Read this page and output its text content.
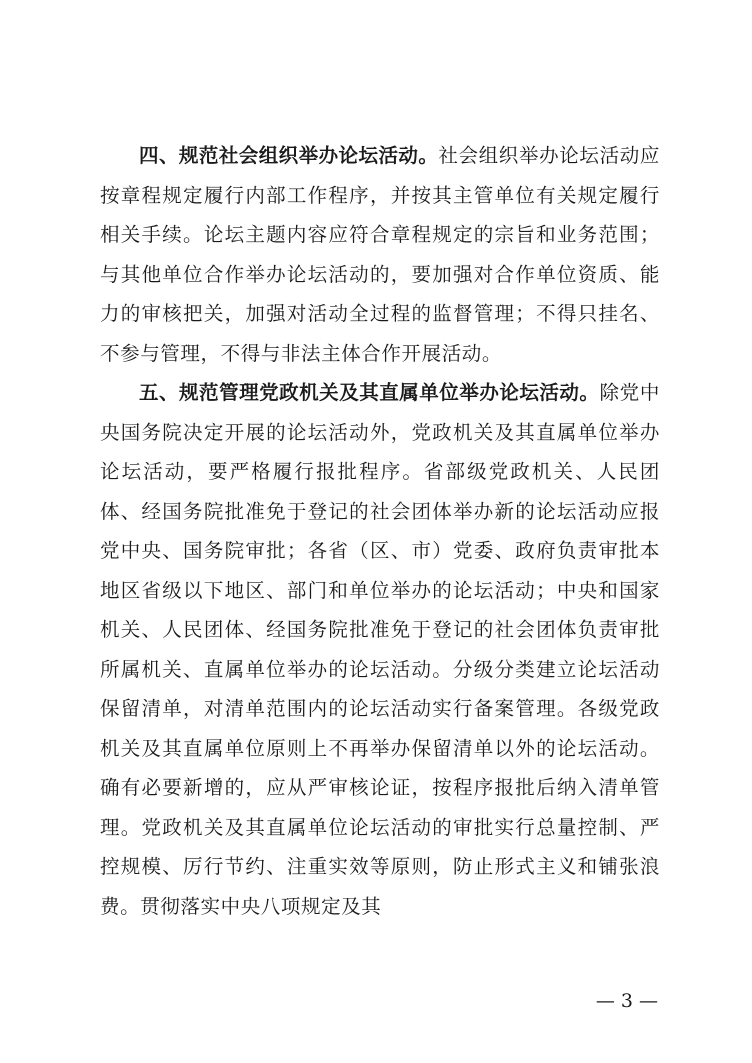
四、规范社会组织举办论坛活动。社会组织举办论坛活动应按章程规定履行内部工作程序，并按其主管单位有关规定履行相关手续。论坛主题内容应符合章程规定的宗旨和业务范围；与其他单位合作举办论坛活动的，要加强对合作单位资质、能力的审核把关，加强对活动全过程的监督管理；不得只挂名、不参与管理，不得与非法主体合作开展活动。

五、规范管理党政机关及其直属单位举办论坛活动。除党中央国务院决定开展的论坛活动外，党政机关及其直属单位举办论坛活动，要严格履行报批程序。省部级党政机关、人民团体、经国务院批准免于登记的社会团体举办新的论坛活动应报党中央、国务院审批；各省（区、市）党委、政府负责审批本地区省级以下地区、部门和单位举办的论坛活动；中央和国家机关、人民团体、经国务院批准免于登记的社会团体负责审批所属机关、直属单位举办的论坛活动。分级分类建立论坛活动保留清单，对清单范围内的论坛活动实行备案管理。各级党政机关及其直属单位原则上不再举办保留清单以外的论坛活动。确有必要新增的，应从严审核论证，按程序报批后纳入清单管理。党政机关及其直属单位论坛活动的审批实行总量控制、严控规模、厉行节约、注重实效等原则，防止形式主义和铺张浪费。贯彻落实中央八项规定及其

— 3 —
